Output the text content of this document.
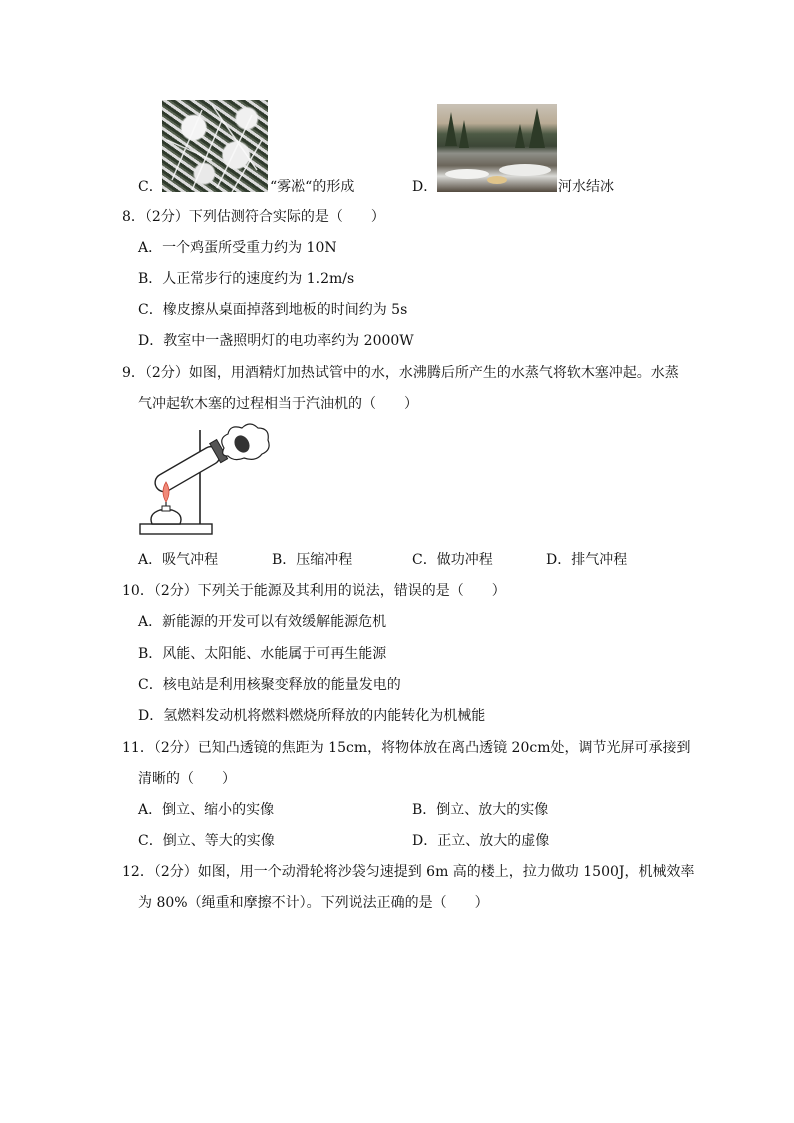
C．	“雾凇“的形成	D．	河水结冰
8．（2分）下列估测符合实际的是（　　）
A．一个鸡蛋所受重力约为 10N
B．人正常步行的速度约为 1.2m/s
C．橡皮擦从桌面掉落到地板的时间约为 5s
D．教室中一盏照明灯的电功率约为 2000W
9．（2分）如图，用酒精灯加热试管中的水，水沸腾后所产生的水蒸气将软木塞冲起。水蒸
气冲起软木塞的过程相当于汽油机的（　　）
A．吸气冲程	B．压缩冲程	C．做功冲程	D．排气冲程
10．（2分）下列关于能源及其利用的说法，错误的是（　　）
A．新能源的开发可以有效缓解能源危机
B．风能、太阳能、水能属于可再生能源
C．核电站是利用核聚变释放的能量发电的
D．氢燃料发动机将燃料燃烧所释放的内能转化为机械能
11．（2分）已知凸透镜的焦距为 15cm，将物体放在离凸透镜 20cm处，调节光屏可承接到
清晰的（　　）
A．倒立、缩小的实像	B．倒立、放大的实像
C．倒立、等大的实像	D．正立、放大的虚像
12．（2分）如图，用一个动滑轮将沙袋匀速提到 6m 高的楼上，拉力做功 1500J，机械效率
为 80%（绳重和摩擦不计）。下列说法正确的是（　　）
